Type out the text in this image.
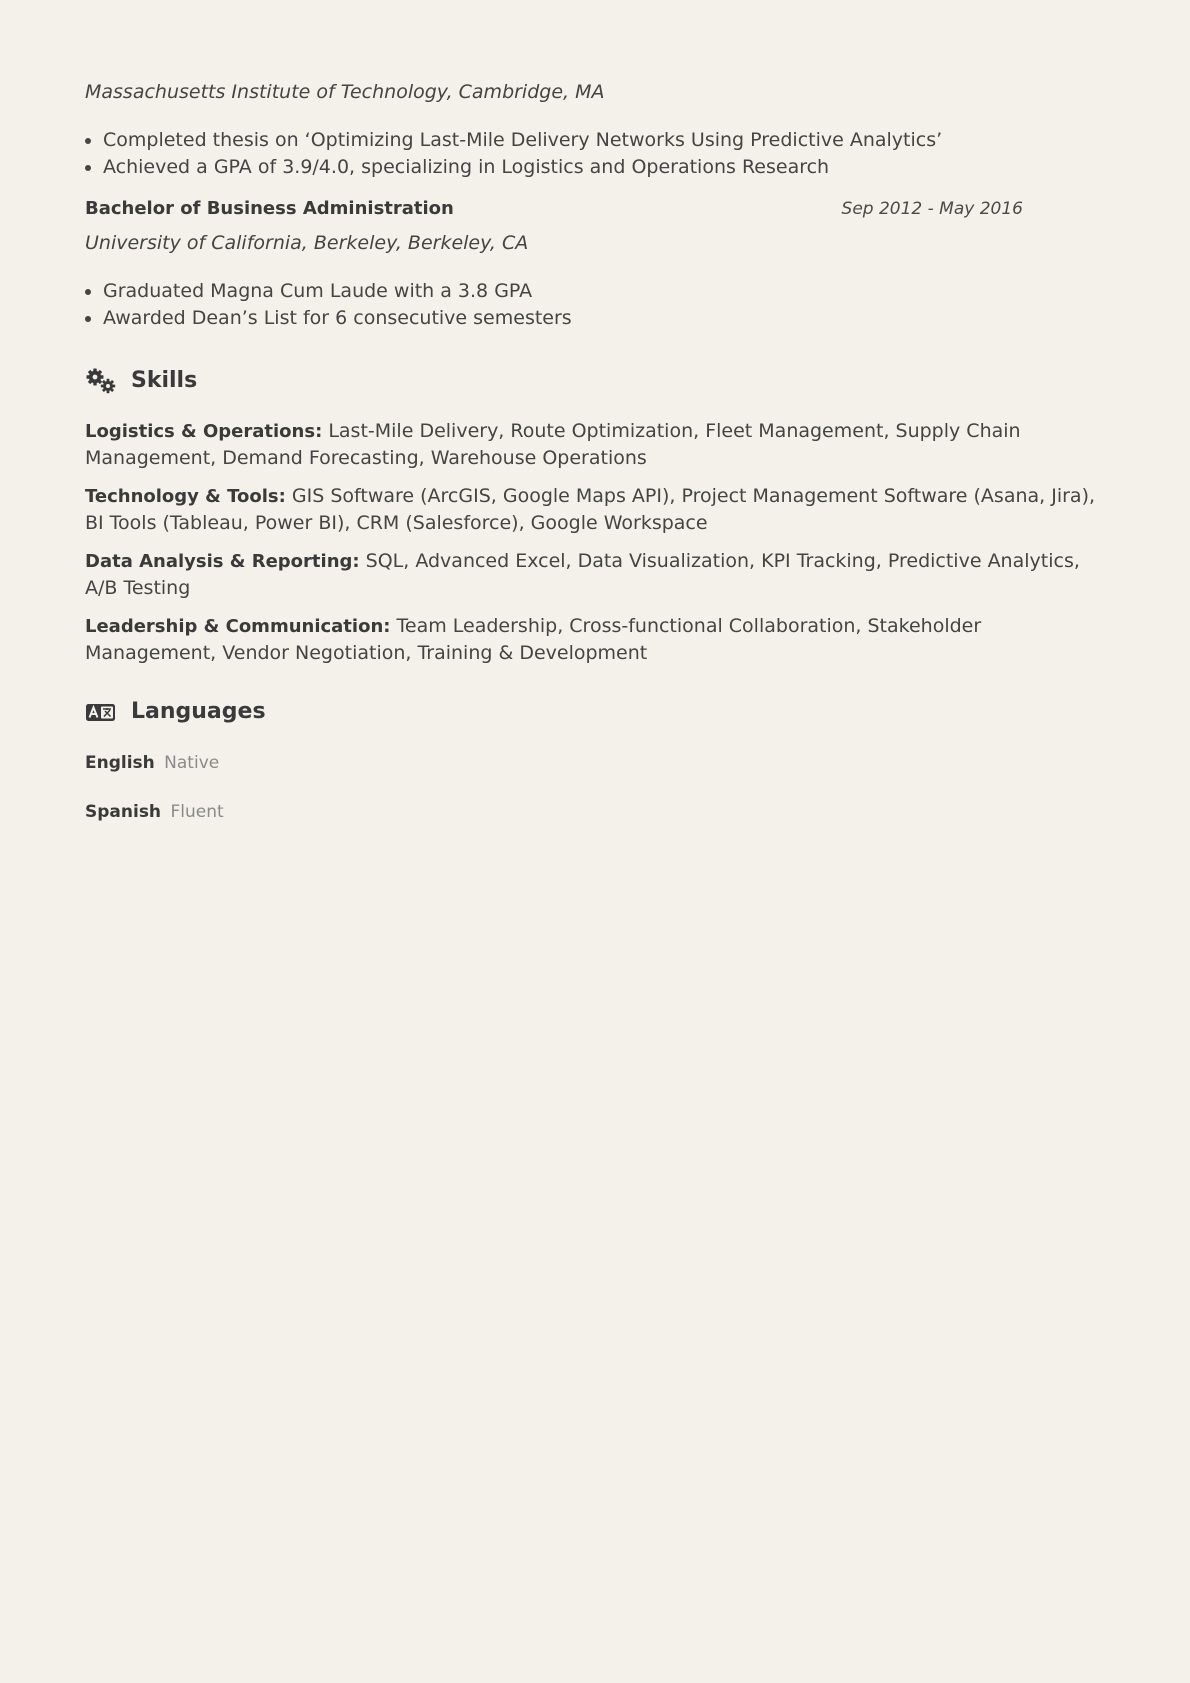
Massachusetts Institute of Technology, Cambridge, MA
• Completed thesis on ‘Optimizing Last-Mile Delivery Networks Using Predictive Analytics’
• Achieved a GPA of 3.9/4.0, specializing in Logistics and Operations Research
Bachelor of Business Administration	Sep 2012 - May 2016
University of California, Berkeley, Berkeley, CA
• Graduated Magna Cum Laude with a 3.8 GPA
• Awarded Dean’s List for 6 consecutive semesters
Skills

Logistics & Operations: Last-Mile Delivery, Route Optimization, Fleet Management, Supply Chain Management, Demand Forecasting, Warehouse Operations

Technology & Tools: GIS Software (ArcGIS, Google Maps API), Project Management Software (Asana, Jira), BI Tools (Tableau, Power BI), CRM (Salesforce), Google Workspace

Data Analysis & Reporting: SQL, Advanced Excel, Data Visualization, KPI Tracking, Predictive Analytics, A/B Testing

Leadership & Communication: Team Leadership, Cross-functional Collaboration, Stakeholder Management, Vendor Negotiation, Training & Development

Languages
English Native
Spanish Fluent
